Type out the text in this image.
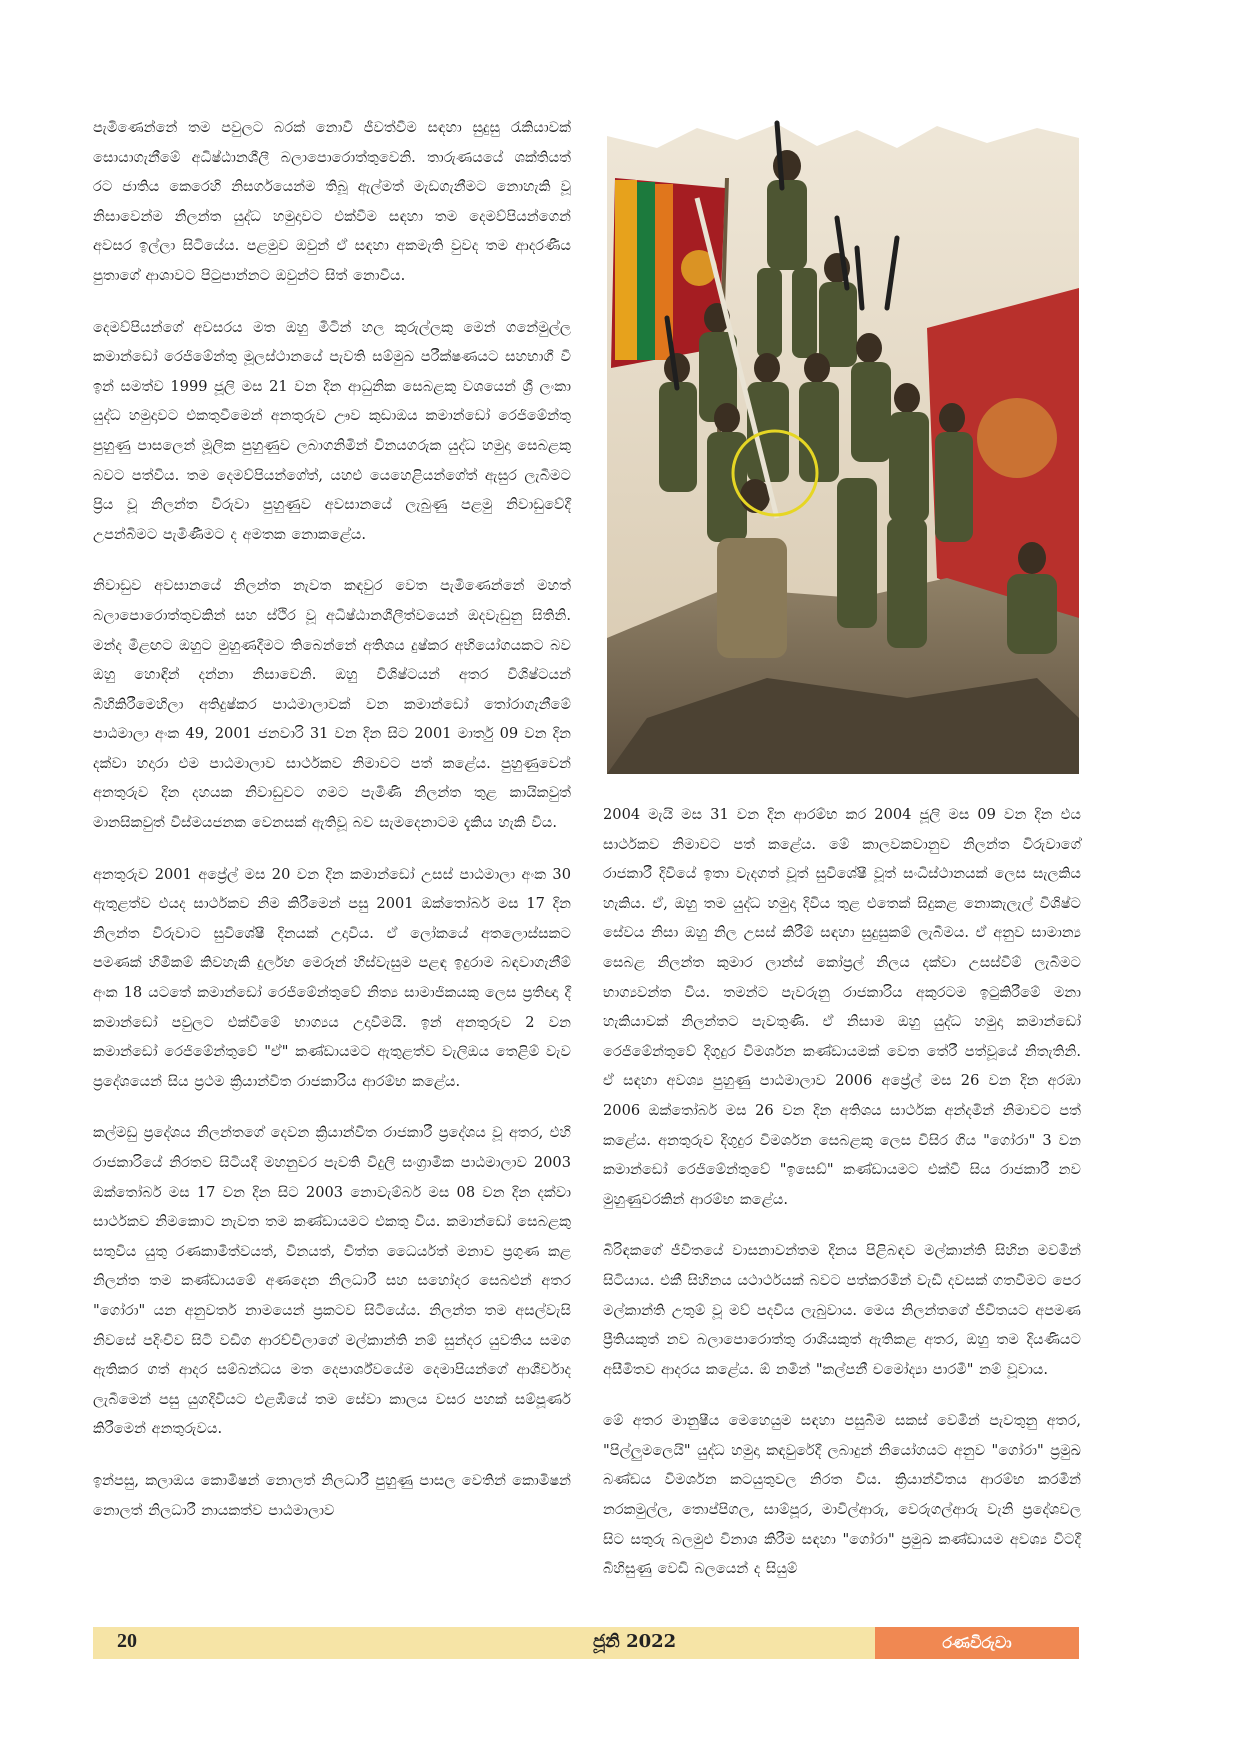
පැමිණෙන්නේ තම පවුලට බරක් නොවී ජීවත්වීම සඳහා සුදුසු රැකියාවක් සොයාගැනීමේ අධිෂ්ඨානශීලී බලාපොරොත්තුවෙනි. තාරුණයයේ ශක්තියත් රට ජාතිය කෙරෙහි නිසර්ගයෙන්ම තිබූ ඇල්මත් මැඩගැනීමට නොහැකි වූ නිසාවෙන්ම නිලන්ත යුද්ධ හමුදාවට එක්වීම සඳහා තම දෙමව්පියන්ගෙන් අවසර ඉල්ලා සිටියේය. පළමුව ඔවුන් ඒ සඳහා අකමැති වුවද තම ආදරණීය පුතාගේ ආශාවට පිටුපාන්නට ඔවුන්ට සිත් නොවීය.

දෙමව්පියන්ගේ අවසරය මත ඔහු මිටින් හල කුරුල්ලකු මෙන් ගනේමුල්ල කමාන්ඩෝ රෙජිමේන්තු මූලස්ථානයේ පැවති සම්මුඛ පරීක්ෂණයට සහභාගී වී ඉන් සමත්ව 1999 ජූලි මස 21 වන දින ආධුනික සෙබළකු වශයෙන් ශ්‍රී ලංකා යුද්ධ හමුදාවට එකතුවීමෙන් අනතුරුව ඌව කුඩාඔය කමාන්ඩෝ රෙජිමේන්තු පුහුණු පාසලෙන් මූලික පුහුණුව ලබාගනිමින් විනයගරුක යුද්ධ හමුදා සෙබළකු බවට පත්විය. තම දෙමව්පියන්ගේත්, යහළු යෙහෙළියන්ගේත් ඇසුර ලැබීමට ප්‍රිය වූ නිලන්ත විරුවා පුහුණුව අවසානයේ ලැබුණු පළමු නිවාඩුවේදී උපන්බිමට පැමිණීමට ද අමතක නොකළේය.

නිවාඩුව අවසානයේ නිලන්ත නැවත කඳවුර වෙත පැමිණෙන්නේ මහත් බලාපොරොත්තුවකින් සහ ස්ථිර වූ අධිෂ්ඨානශීලීත්වයෙන් ඔදවැඩුනු සිතිනි. මන්ද මීළඟට ඔහුට මුහුණදීමට තිබෙන්නේ අතිශය දුෂ්කර අභියෝගයකට බව ඔහු හොඳින් දන්නා නිසාවෙනි. ඔහු විශිෂ්ටයන් අතර විශිෂ්ටයන් බිහිකිරීමෙහිලා අතිදුෂ්කර පාඨමාලාවක් වන කමාන්ඩෝ තෝරාගැනීමේ පාඨමාලා අංක 49, 2001 ජනවාරි 31 වන දින සිට 2001 මාර්තු 09 වන දින දක්වා හදාරා එම පාඨමාලාව සාර්ථකව නිමාවට පත් කළේය. පුහුණුවෙන් අනතුරුව දින දහයක නිවාඩුවට ගමට පැමිණි නිලන්ත තුළ කායිකවුත් මානසිකවුත් විස්මයජනක වෙනසක් ඇතිවූ බව සැමදෙනාටම දැකිය හැකි විය.

අනතුරුව 2001 අප්‍රේල් මස 20 වන දින කමාන්ඩෝ උසස් පාඨමාලා අංක 30 ඇතුළත්ව එයද සාර්ථකව නිම කිරීමෙන් පසු 2001 ඔක්තෝබර් මස 17 දින නිලන්ත විරුවාට සුවිශේෂී දිනයක් උදාවිය. ඒ ලෝකයේ අතලොස්සකට පමණක් හිමිකම් කිවහැකි දුර්ලභ මෙරූන් හිස්වැසුම පළඳ ඉදුරාම බඳවාගැනීම් අංක 18 යටතේ කමාන්ඩෝ රෙජිමේන්තුවේ නිත්‍ය සාමාජිකයකු ලෙස ප්‍රතිඥා දී කමාන්ඩෝ පවුලට එක්වීමේ භාග්‍යය උදාවීමයි. ඉන් අනතුරුව 2 වන කමාන්ඩෝ රෙජිමේන්තුවේ "ඒ" කණ්ඩායමට ඇතුළත්ව වැලිඔය තෙළිම් වැව ප්‍රදේශයෙන් සිය ප්‍රථම ක්‍රියාන්විත රාජකාරිය ආරම්භ කළේය.

කල්මඩු ප්‍රදේශය නිලන්තගේ දෙවන ක්‍රියාන්විත රාජකාරී ප්‍රදේශය වූ අතර, එහි රාජකාරියේ නිරතව සිටියදී මහනුවර පැවති විදුලි සංග්‍රාමික පාඨමාලාව 2003 ඔක්තෝබර් මස 17 වන දින සිට 2003 නොවැම්බර් මස 08 වන දින දක්වා සාර්ථකව නිමකොට නැවත තම කණ්ඩායමට එකතු විය. කමාන්ඩෝ සෙබළකු සතුවිය යුතු රණකාමීත්වයත්, විනයත්, චිත්ත ධෛර්යත් මනාව ප්‍රගුණ කළ නිලන්ත තම කණ්ඩායමේ අණදෙන නිලධාරී සහ සහෝදර සෙබළුන් අතර "ගෝරා" යන අනුවර්ත නාමයෙන් ප්‍රකටව සිටියේය. නිලන්ත තම අසල්වැසි නිවසේ පදිංචිව සිටි වඩිග ආරච්චිලාගේ මල්කාන්ති නම් සුන්දර යුවතිය සමග ඇතිකර ගත් ආදර සම්බන්ධය මත දෙපාර්ශ්වයේම දෙමාපියන්ගේ ආශීර්වාද ලැබීමෙන් පසු යුගදිවියට එළඹියේ තම සේවා කාලය වසර පහක් සම්පූර්ණ කිරීමෙන් අනතුරුවය.

ඉන්පසු, කලාඔය කොමිෂන් නොලත් නිලධාරී පුහුණු පාසල වෙතින් කොමිෂන් නොලත් නිලධාරී නායකත්ව පාඨමාලාව

2004 මැයි මස 31 වන දින ආරම්භ කර 2004 ජූලි මස 09 වන දින එය සාර්ථකව නිමාවට පත් කළේය. මේ කාලවකවානුව නිලන්ත විරුවාගේ රාජකාරී දිවියේ ඉතා වැදගත් වූත් සුවිශේෂී වූත් සංධිස්ථානයක් ලෙස සැලකිය හැකිය. ඒ, ඔහු තම යුද්ධ හමුදා දිවිය තුළ එතෙක් සිදුකළ නොකැලැල් විශිෂ්ට සේවය නිසා ඔහු නිල උසස් කිරීම් සඳහා සුදුසුකම් ලැබීමය. ඒ අනුව සාමාන්‍ය සෙබළ නිලන්ත කුමාර ලාන්ස් කෝප්‍රල් නිලය දක්වා උසස්වීම් ලැබීමට භාග්‍යවන්ත විය. තමන්ට පැවරුනු රාජකාරිය අකුරටම ඉටුකිරීමේ මනා හැකියාවක් නිලන්තට පැවතුණි. ඒ නිසාම ඔහු යුද්ධ හමුදා කමාන්ඩෝ රෙජිමේන්තුවේ දිගුදුර විමර්ශන කණ්ඩායමක් වෙත තේරී පත්වූයේ නිතැතිනි. ඒ සඳහා අවශ්‍ය පුහුණු පාඨමාලාව 2006 අප්‍රේල් මස 26 වන දින අරඹා 2006 ඔක්තෝබර් මස 26 වන දින අතිශය සාර්ථක අන්දමින් නිමාවට පත් කළේය. අනතුරුව දිගුදුර විමර්ශන සෙබළකු ලෙස විසිර ගිය "ගෝරා" 3 වන කමාන්ඩෝ රෙජිමේන්තුවේ "ඉසෙඩ්" කණ්ඩායමට එක්වී සිය රාජකාරී නව මුහුණුවරකින් ආරම්භ කළේය.

බිරිඳකගේ ජීවිතයේ වාසනාවන්තම දිනය පිළිබඳව මල්කාන්ති සිහින මවමින් සිටියාය. එකී සිහිනය යථාර්ථයක් බවට පත්කරමින් වැඩි දවසක් ගතවීමට පෙර මල්කාන්ති උතුම් වූ මව් පදවිය ලැබුවාය. මෙය නිලන්තගේ ජීවිතයට අපමණ ප්‍රීතියකුත් නව බලාපොරොත්තු රාශියකුත් ඇතිකළ අතර, ඔහු තම දියණියට අසීමිතව ආදරය කළේය. ඕ නමින් "කල්පනී චමෝද්‍යා පාරමී" නම් වූවාය.

මේ අතර මානුෂීය මෙහෙයුම සඳහා පසුබිම සකස් වෙමින් පැවතුනු අතර, "පිල්ලුමලෙයි" යුද්ධ හමුදා කඳවුරේදී ලබාදුන් නියෝගයට අනුව "ගෝරා" ප්‍රමුඛ බණ්ඩය විමර්ශන කටයුතුවල නිරත විය. ක්‍රියාන්විතය ආරම්භ කරමින් නරකමුල්ල, තොප්පිගල, සාම්පූර, මාවිල්ආරු, වෙරුගල්ආරු වැනි ප්‍රදේශවල සිට සතුරු බලමුළු විනාශ කිරීම සඳහා "ගෝරා" ප්‍රමුඛ කණ්ඩායම අවශ්‍ය විටදී බිහිසුණු වෙඩි බලයෙන් ද සියුම්

20	ජූනි 2022	රණවිරුවා
